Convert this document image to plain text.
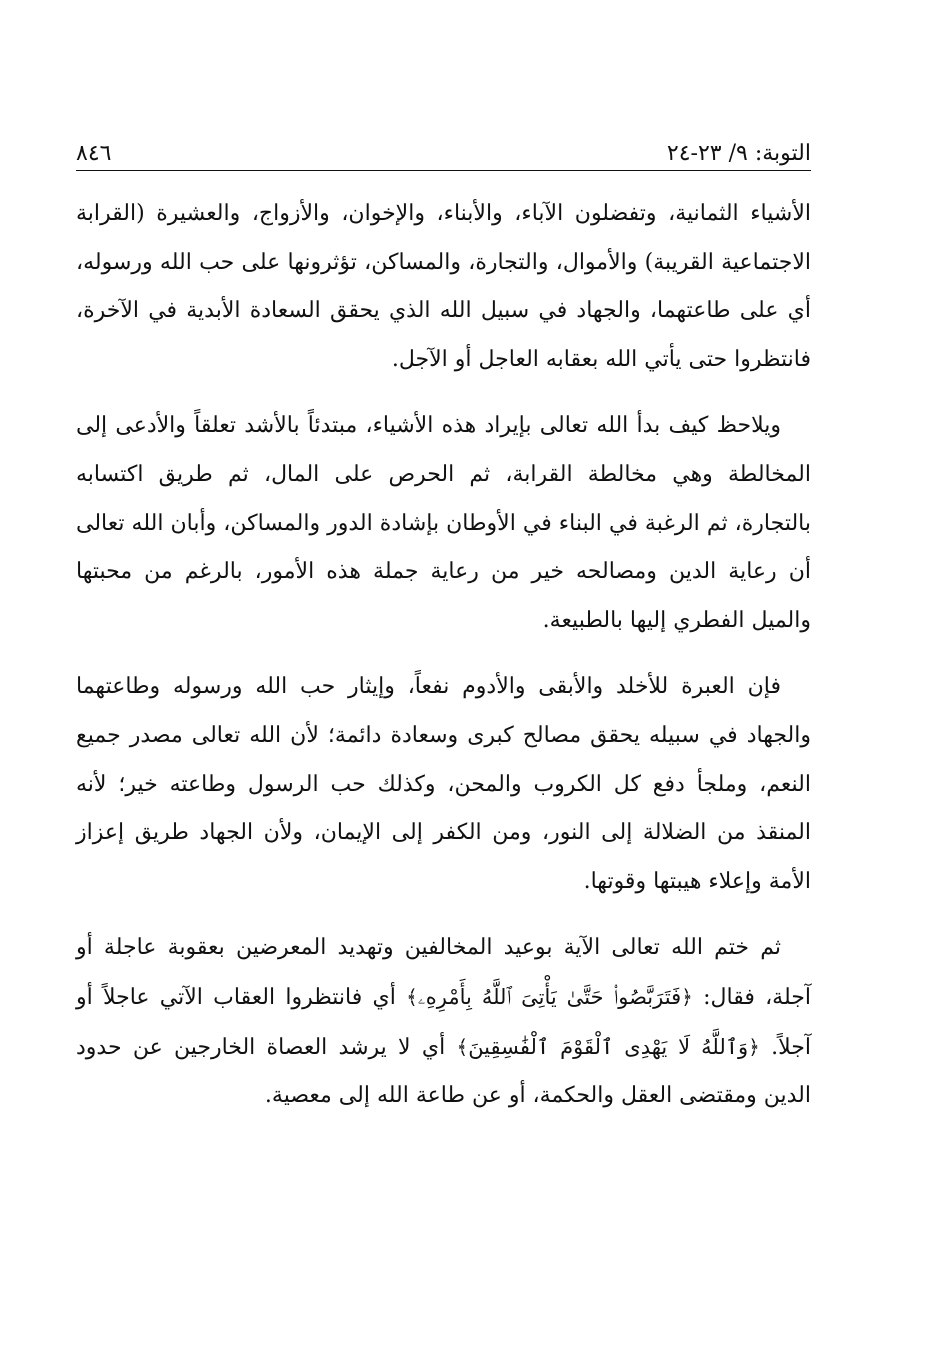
التوبة: ٩/ ٢٣-٢٤
٨٤٦

الأشياء الثمانية، وتفضلون الآباء، والأبناء، والإخوان، والأزواج، والعشيرة (القرابة الاجتماعية القريبة) والأموال، والتجارة، والمساكن، تؤثرونها على حب الله ورسوله، أي على طاعتهما، والجهاد في سبيل الله الذي يحقق السعادة الأبدية في الآخرة، فانتظروا حتى يأتي الله بعقابه العاجل أو الآجل.

ويلاحظ كيف بدأ الله تعالى بإيراد هذه الأشياء، مبتدئاً بالأشد تعلقاً والأدعى إلى المخالطة وهي مخالطة القرابة، ثم الحرص على المال، ثم طريق اكتسابه بالتجارة، ثم الرغبة في البناء في الأوطان بإشادة الدور والمساكن، وأبان الله تعالى أن رعاية الدين ومصالحه خير من رعاية جملة هذه الأمور، بالرغم من محبتها والميل الفطري إليها بالطبيعة.

فإن العبرة للأخلد والأبقى والأدوم نفعاً، وإيثار حب الله ورسوله وطاعتهما والجهاد في سبيله يحقق مصالح كبرى وسعادة دائمة؛ لأن الله تعالى مصدر جميع النعم، وملجأ دفع كل الكروب والمحن، وكذلك حب الرسول وطاعته خير؛ لأنه المنقذ من الضلالة إلى النور، ومن الكفر إلى الإيمان، ولأن الجهاد طريق إعزاز الأمة وإعلاء هيبتها وقوتها.

ثم ختم الله تعالى الآية بوعيد المخالفين وتهديد المعرضين بعقوبة عاجلة أو آجلة، فقال: ﴿فَتَرَبَّصُوا۟ حَتَّىٰ يَأْتِىَ ٱللَّهُ بِأَمْرِهِۦ﴾ أي فانتظروا العقاب الآتي عاجلاً أو آجلاً. ﴿وَٱللَّهُ لَا يَهْدِى ٱلْقَوْمَ ٱلْفَٰسِقِينَ﴾ أي لا يرشد العصاة الخارجين عن حدود الدين ومقتضى العقل والحكمة، أو عن طاعة الله إلى معصية.
